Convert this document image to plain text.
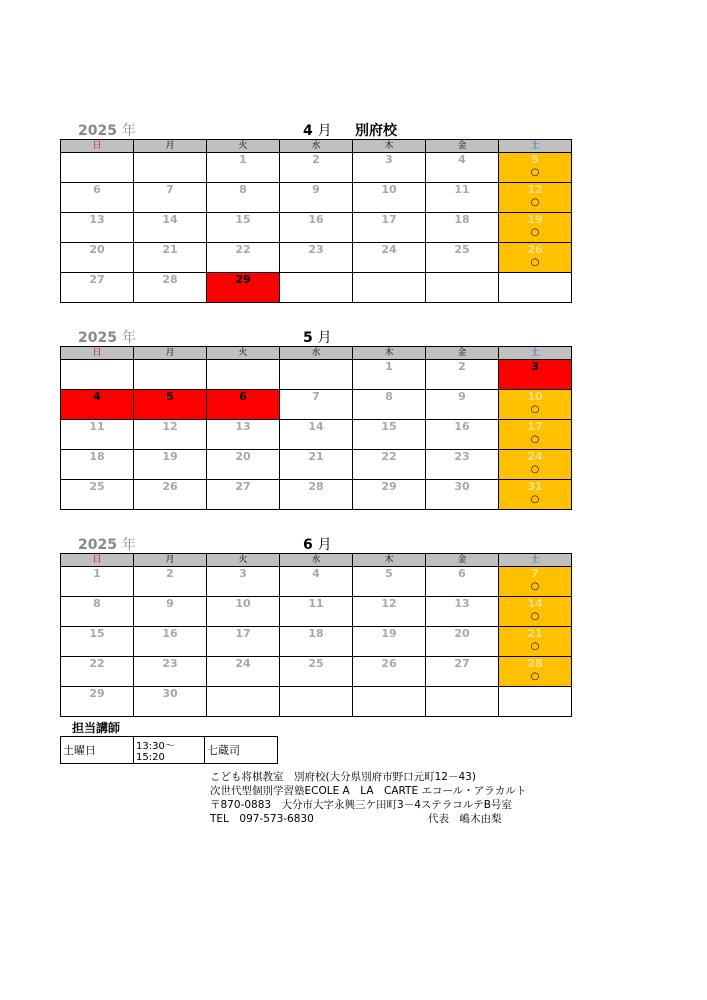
2025 年	4 月 別府校
日	月	火	水	木	金	土

		1	2	3	4	5
○

6	7	8	9	10	11	12
○

13	14	15	16	17	18	19
○

20	21	22	23	24	25	26
○

27	28	29				

2025 年	5 月
日	月	火	水	木	金	土

				1	2	3

4	5	6	7	8	9	10
○

11	12	13	14	15	16	17
○

18	19	20	21	22	23	24
○

25	26	27	28	29	30	31
○
2025 年	6 月
日	月	火	水	木	金	土

1	2	3	4	5	6	7
○

8	9	10	11	12	13	14
○

15	16	17	18	19	20	21
○

22	23	24	25	26	27	28
○

29	30					

担当講師
土曜日	13:30～15:20	七蔵司
こども将棋教室　別府校(大分県別府市野口元町12－43)
次世代型個別学習塾ECOLE A　LA　CARTE エコール・アラカルト
〒870-0883　大分市大字永興三ケ田町3－4ステラコルテB号室
TEL　097-573-6830	代表　嶋木由梨
